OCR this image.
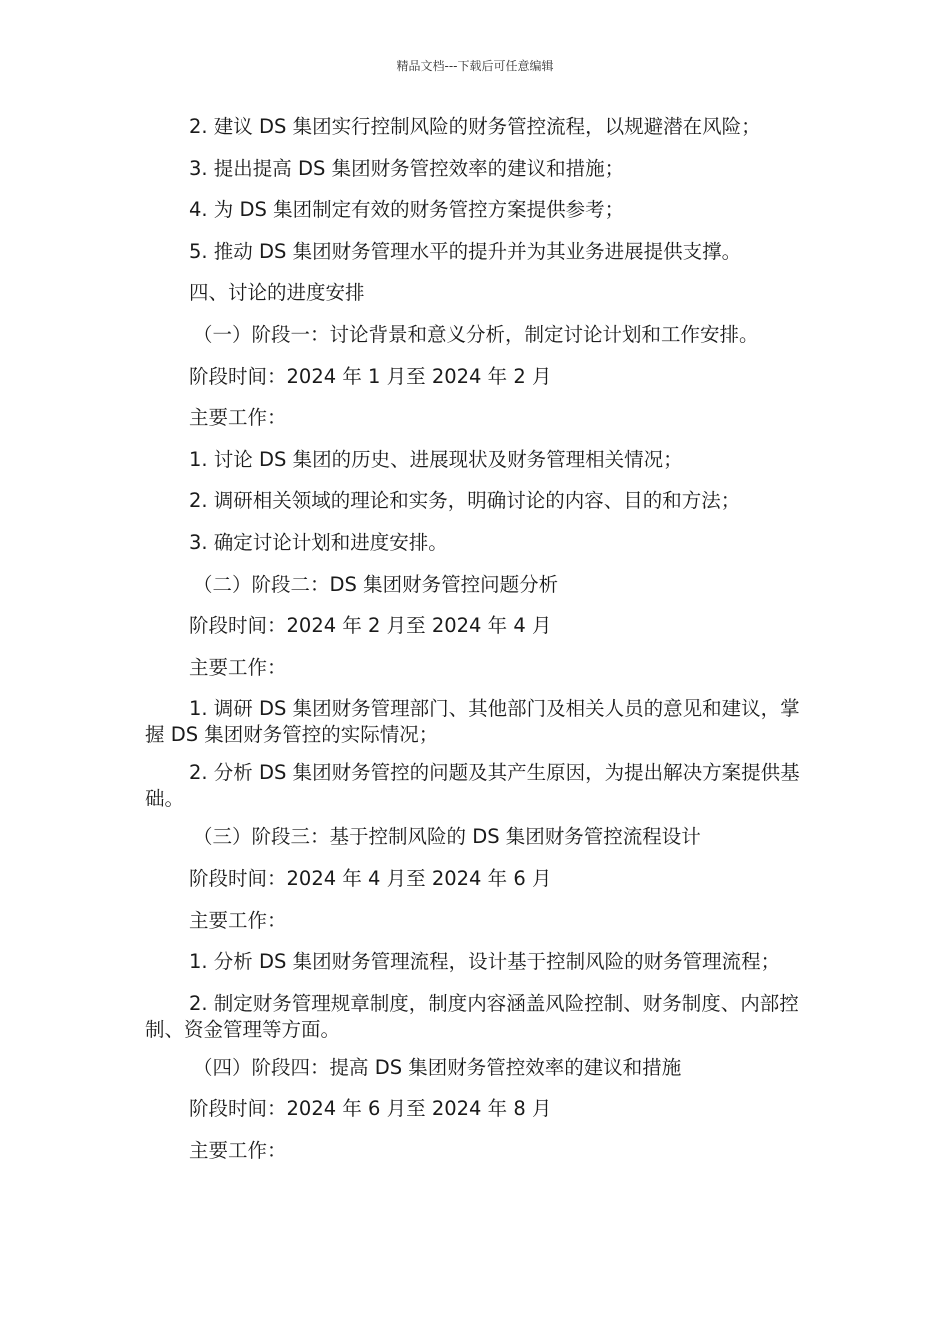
精品文档---下载后可任意编辑

2. 建议 DS 集团实行控制风险的财务管控流程，以规避潜在风险；

3. 提出提高 DS 集团财务管控效率的建议和措施；

4. 为 DS 集团制定有效的财务管控方案提供参考；

5. 推动 DS 集团财务管理水平的提升并为其业务进展提供支撑。

四、讨论的进度安排

（一）阶段一：讨论背景和意义分析，制定讨论计划和工作安排。

阶段时间：2024 年 1 月至 2024 年 2 月

主要工作：

1. 讨论 DS 集团的历史、进展现状及财务管理相关情况；

2. 调研相关领域的理论和实务，明确讨论的内容、目的和方法；

3. 确定讨论计划和进度安排。

（二）阶段二：DS 集团财务管控问题分析

阶段时间：2024 年 2 月至 2024 年 4 月

主要工作：

1. 调研 DS 集团财务管理部门、其他部门及相关人员的意见和建议，掌握 DS 集团财务管控的实际情况；

2. 分析 DS 集团财务管控的问题及其产生原因，为提出解决方案提供基础。

（三）阶段三：基于控制风险的 DS 集团财务管控流程设计

阶段时间：2024 年 4 月至 2024 年 6 月

主要工作：

1. 分析 DS 集团财务管理流程，设计基于控制风险的财务管理流程；

2. 制定财务管理规章制度，制度内容涵盖风险控制、财务制度、内部控制、资金管理等方面。

（四）阶段四：提高 DS 集团财务管控效率的建议和措施

阶段时间：2024 年 6 月至 2024 年 8 月

主要工作：
